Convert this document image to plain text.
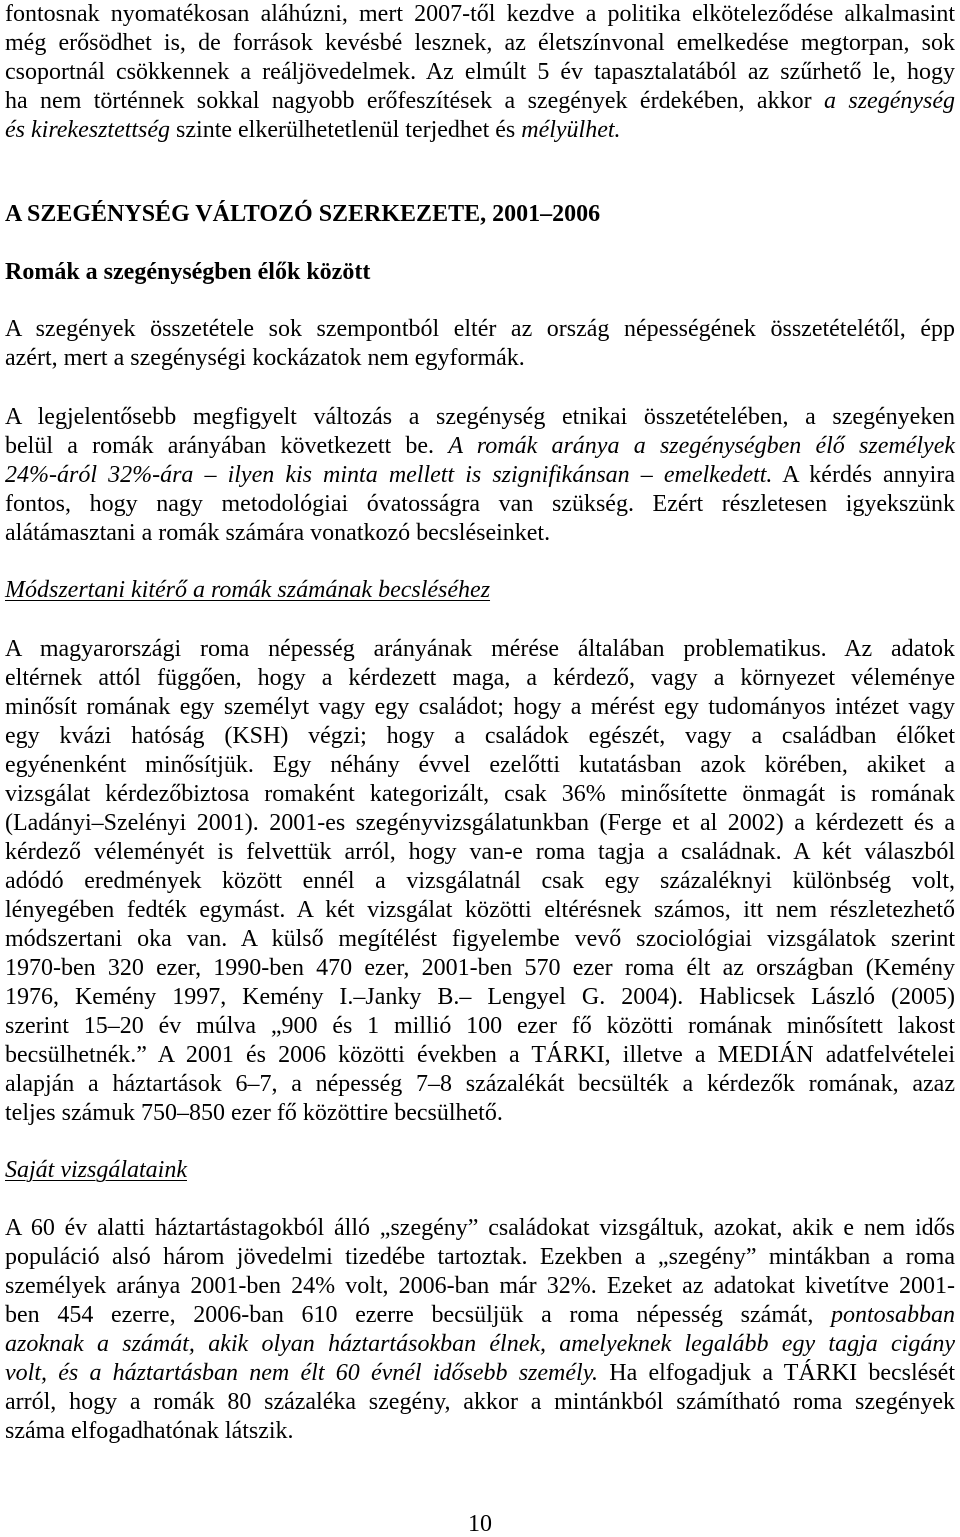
fontosnak nyomatékosan aláhúzni, mert 2007-től kezdve a politika elköteleződése alkalmasint
még erősödhet is, de források kevésbé lesznek, az életszínvonal emelkedése megtorpan, sok
csoportnál csökkennek a reáljövedelmek. Az elmúlt 5 év tapasztalatából az szűrhető le, hogy
ha nem történnek sokkal nagyobb erőfeszítések a szegények érdekében, akkor a szegénység
és kirekesztettség szinte elkerülhetetlenül terjedhet és mélyülhet.
A SZEGÉNYSÉG VÁLTOZÓ SZERKEZETE, 2001–2006
Romák a szegénységben élők között
A szegények összetétele sok szempontból eltér az ország népességének összetételétől, épp
azért, mert a szegénységi kockázatok nem egyformák.
A legjelentősebb megfigyelt változás a szegénység etnikai összetételében, a szegényeken
belül a romák arányában következett be. A romák aránya a szegénységben élő személyek
24%-áról 32%-ára – ilyen kis minta mellett is szignifikánsan – emelkedett. A kérdés annyira
fontos, hogy nagy metodológiai óvatosságra van szükség. Ezért részletesen igyekszünk
alátámasztani a romák számára vonatkozó becsléseinket.
Módszertani kitérő a romák számának becsléséhez
A magyarországi roma népesség arányának mérése általában problematikus. Az adatok
eltérnek attól függően, hogy a kérdezett maga, a kérdező, vagy a környezet véleménye
minősít romának egy személyt vagy egy családot; hogy a mérést egy tudományos intézet vagy
egy kvázi hatóság (KSH) végzi; hogy a családok egészét, vagy a családban élőket
egyénenként minősítjük. Egy néhány évvel ezelőtti kutatásban azok körében, akiket a
vizsgálat kérdezőbiztosa romaként kategorizált, csak 36% minősítette önmagát is romának
(Ladányi–Szelényi 2001). 2001-es szegényvizsgálatunkban (Ferge et al 2002) a kérdezett és a
kérdező véleményét is felvettük arról, hogy van-e roma tagja a családnak. A két válaszból
adódó eredmények között ennél a vizsgálatnál csak egy százaléknyi különbség volt,
lényegében fedték egymást. A két vizsgálat közötti eltérésnek számos, itt nem részletezhető
módszertani oka van. A külső megítélést figyelembe vevő szociológiai vizsgálatok szerint
1970-ben 320 ezer, 1990-ben 470 ezer, 2001-ben 570 ezer roma élt az országban (Kemény
1976, Kemény 1997, Kemény I.–Janky B.– Lengyel G. 2004). Hablicsek László (2005)
szerint 15–20 év múlva „900 és 1 millió 100 ezer fő közötti romának minősített lakost
becsülhetnék.” A 2001 és 2006 közötti években a TÁRKI, illetve a MEDIÁN adatfelvételei
alapján a háztartások 6–7, a népesség 7–8 százalékát becsülték a kérdezők romának, azaz
teljes számuk 750–850 ezer fő közöttire becsülhető.
Saját vizsgálataink
A 60 év alatti háztartástagokból álló „szegény” családokat vizsgáltuk, azokat, akik e nem idős
populáció alsó három jövedelmi tizedébe tartoztak. Ezekben a „szegény” mintákban a roma
személyek aránya 2001-ben 24% volt, 2006-ban már 32%. Ezeket az adatokat kivetítve 2001-
ben 454 ezerre, 2006-ban 610 ezerre becsüljük a roma népesség számát, pontosabban
azoknak a számát, akik olyan háztartásokban élnek, amelyeknek legalább egy tagja cigány
volt, és a háztartásban nem élt 60 évnél idősebb személy. Ha elfogadjuk a TÁRKI becslését
arról, hogy a romák 80 százaléka szegény, akkor a mintánkból számítható roma szegények
száma elfogadhatónak látszik.
10
